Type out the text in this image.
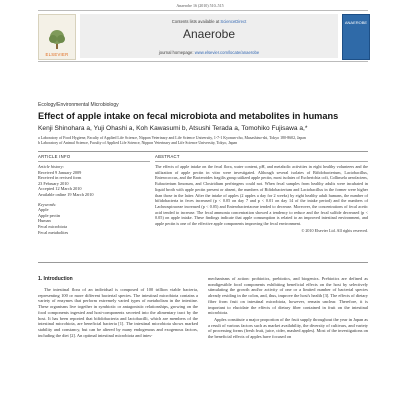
Anaerobe 16 (2010) 510–515
ELSEVIER
Contents lists available at ScienceDirect
Anaerobe
journal homepage: www.elsevier.com/locate/anaerobe
ANAEROBE
Ecology/Environmental Microbiology
Effect of apple intake on fecal microbiota and metabolites in humans
Kenji Shinohara a, Yuji Ohashi a, Koh Kawasumi b, Atsushi Terada a, Tomohiko Fujisawa a,*
a Laboratory of Food Hygiene, Faculty of Applied Life Science, Nippon Veterinary and Life Science University, 1-7-1 Kyonan-cho, Musashino-shi, Tokyo 180-8602, Japan
b Laboratory of Animal Science, Faculty of Applied Life Science, Nippon Veterinary and Life Science University, Tokyo, Japan
ARTICLE INFO
Article history:
Received 9 January 2009
Received in revised form
23 February 2010
Accepted 12 March 2010
Available online 19 March 2010
Keywords:
Apple
Apple pectin
Human
Fecal microbiota
Fecal metabolites
ABSTRACT
The effects of apple intake on the fecal flora, water content, pH, and metabolic activities in eight healthy volunteers and the utilization of apple pectin in vitro were investigated. Although several isolates of Bifidobacterium, Lactobacillus, Enterococcus, and the Bacteroides fragilis group utilized apple pectin, most isolates of Escherichia coli, Collinsela aerofaciens, Eubacterium limosum, and Clostridium perfringens could not. When fecal samples from healthy adults were incubated in liquid broth with apple pectin present or absent, the numbers of Bifidobacterium and Lactobacillus in the former were higher than those in the latter. After the intake of apples (2 apples a day for 2 weeks) by eight healthy adult humans, the number of bifidobacteria in feces increased (p < 0.05 on day 7 and p < 0.01 on day 14 of the intake period) and the numbers of Lachnospiraceae increased (p < 0.05) and Enterobacteriaceae tended to decrease. Moreover, the concentrations of fecal acetic acid tended to increase. The fecal ammonia concentration showed a tendency to reduce and the fecal sulfide decreased (p < 0.05) on apple intake. These findings indicate that apple consumption is related to an improved intestinal environment, and apple pectin is one of the effective apple components improving the fecal environment.
© 2010 Elsevier Ltd. All rights reserved.
1. Introduction

The intestinal flora of an individual is composed of 100 trillion viable bacteria, representing 100 or more different bacterial species. The intestinal microbiota contains a variety of enzymes that perform extremely varied types of metabolism in the intestine. These organisms live together in symbiotic or antagonistic relationships, growing on the food components ingested and host-components secreted into the alimentary tract by the host. It has been reported that bifidobacteria and lactobacilli, which are members of the intestinal microbiota, are beneficial bacteria [1]. The intestinal microbiota shows marked stability and constancy, but can be altered by many endogenous and exogenous factors, including the diet [2]. An optimal intestinal microbiota and intes-

mechanisms of action: probiotics, prebiotics, and biogenics. Prebiotics are defined as nondigestible food components exhibiting beneficial effects on the host by selectively stimulating the growth and/or activity of one or a limited number of bacterial species already residing in the colon, and, thus, improve the host's health [3]. The effects of dietary fiber from fruit on intestinal microbiota, however, remain unclear. Therefore, it is important to elucidate the effects of dietary fiber contained in fruit on the intestinal microbiota.

Apples constitute a major proportion of the fruit supply throughout the year in Japan as a result of various factors such as market availability, the diversity of cultivars, and variety of processing forms (fresh fruit, juice, cider, mashed apples). Most of the investigations on the beneficial effects of apples have focused on
